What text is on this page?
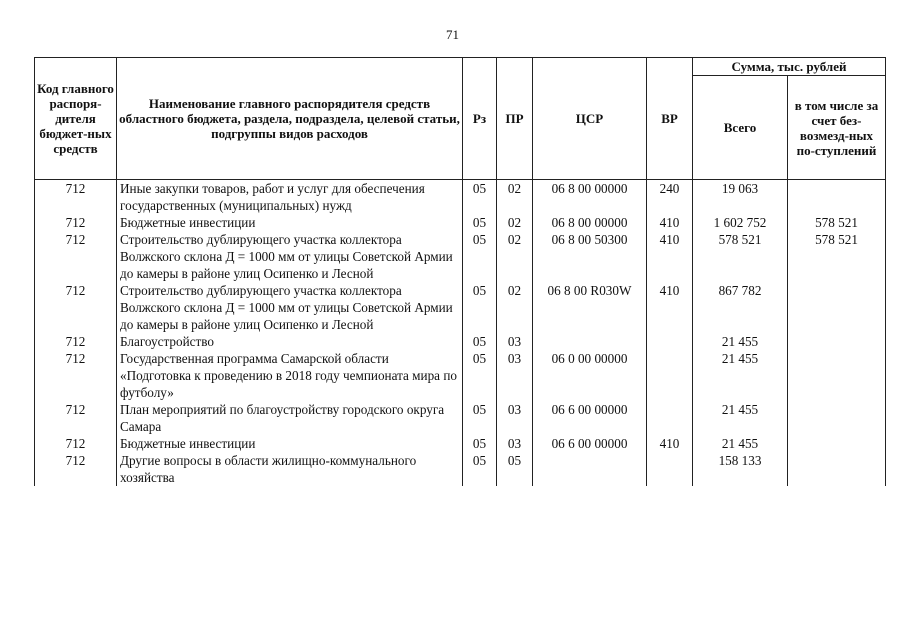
71
Код главного распоря-дителя бюджет-ных средств	Наименование главного распорядителя средств областного бюджета, раздела, подраздела, целевой статьи, подгруппы видов расходов	Рз	ПР	ЦСР	ВР	Сумма, тыс. рублей	
						Всего	в том числе за счет без-возмезд-ных по-ступлений
712	Иные закупки товаров, работ и услуг для обеспечения государственных (муниципальных) нужд	05	02	06 8 00 00000	240	19 063	
712	Бюджетные инвестиции	05	02	06 8 00 00000	410	1 602 752	578 521
712	Строительство дублирующего участка коллектора Волжского склона Д = 1000 мм от улицы Советской Армии до камеры в районе улиц Осипенко и Лесной	05	02	06 8 00 50300	410	578 521	578 521
712	Строительство дублирующего участка коллектора Волжского склона Д = 1000 мм от улицы Советской Армии до камеры в районе улиц Осипенко и Лесной	05	02	06 8 00 R030W	410	867 782	
712	Благоустройство	05	03			21 455	
712	Государственная программа Самарской области «Подготовка к проведению в 2018 году чемпионата мира по футболу»	05	03	06 0 00 00000		21 455	
712	План мероприятий по благоустройству городского округа Самара	05	03	06 6 00 00000		21 455	
712	Бюджетные инвестиции	05	03	06 6 00 00000	410	21 455	
712	Другие вопросы в области жилищно-коммунального хозяйства	05	05			158 133	
